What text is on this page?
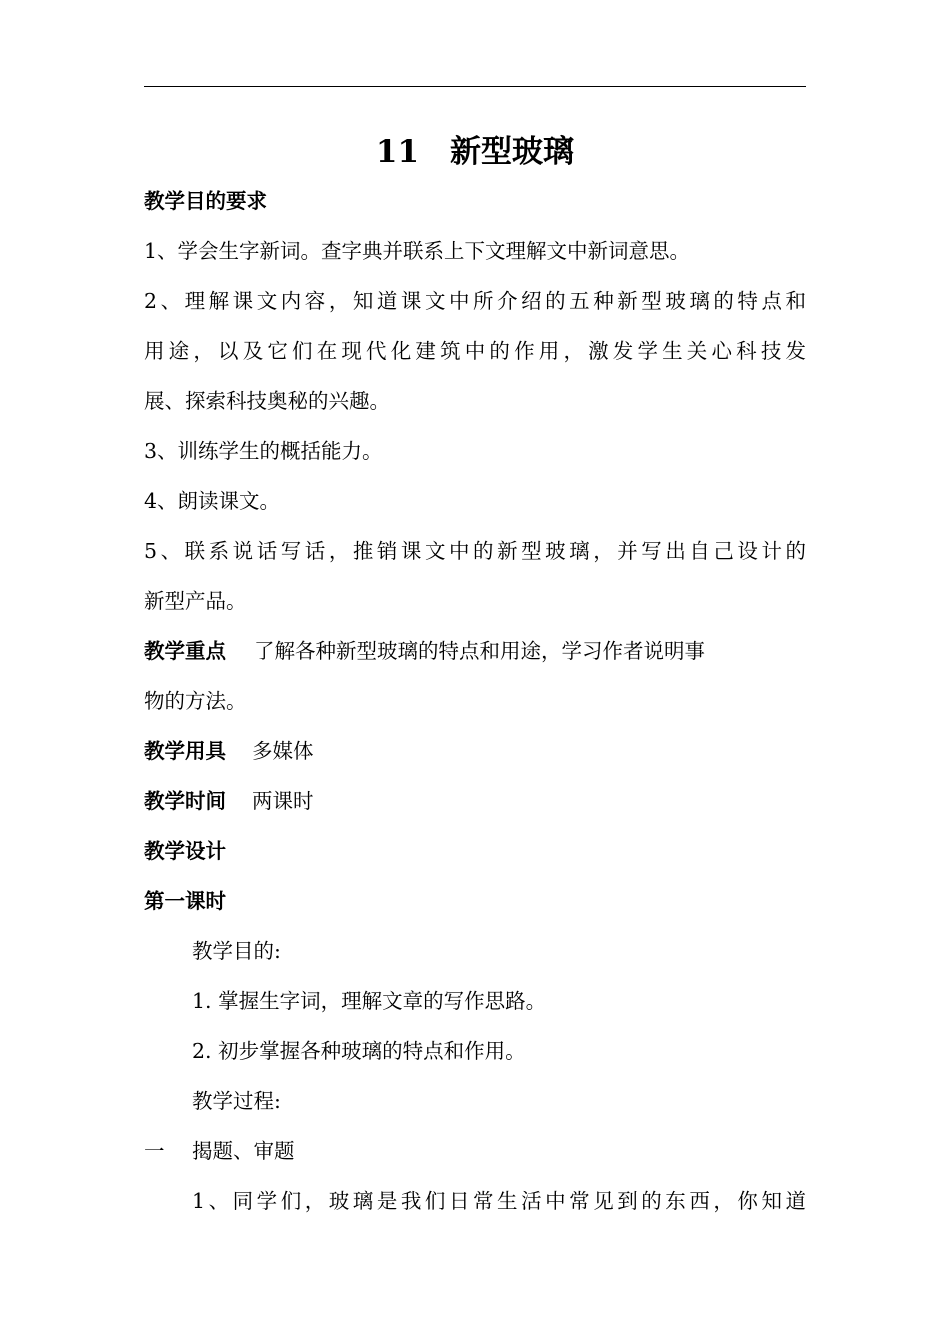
11　新型玻璃
教学目的要求
1、学会生字新词。查字典并联系上下文理解文中新词意思。
2、理解课文内容，知道课文中所介绍的五种新型玻璃的特点和
用途，以及它们在现代化建筑中的作用，激发学生关心科技发
展、探索科技奥秘的兴趣。
3、训练学生的概括能力。
4、朗读课文。
5、联系说话写话，推销课文中的新型玻璃，并写出自己设计的
新型产品。
教学重点 了解各种新型玻璃的特点和用途，学习作者说明事
物的方法。
教学用具 多媒体
教学时间 两课时
教学设计
第一课时
教学目的:
1. 掌握生字词，理解文章的写作思路。
2. 初步掌握各种玻璃的特点和作用。
教学过程:
一 揭题、审题
1、同学们，玻璃是我们日常生活中常见到的东西，你知道
